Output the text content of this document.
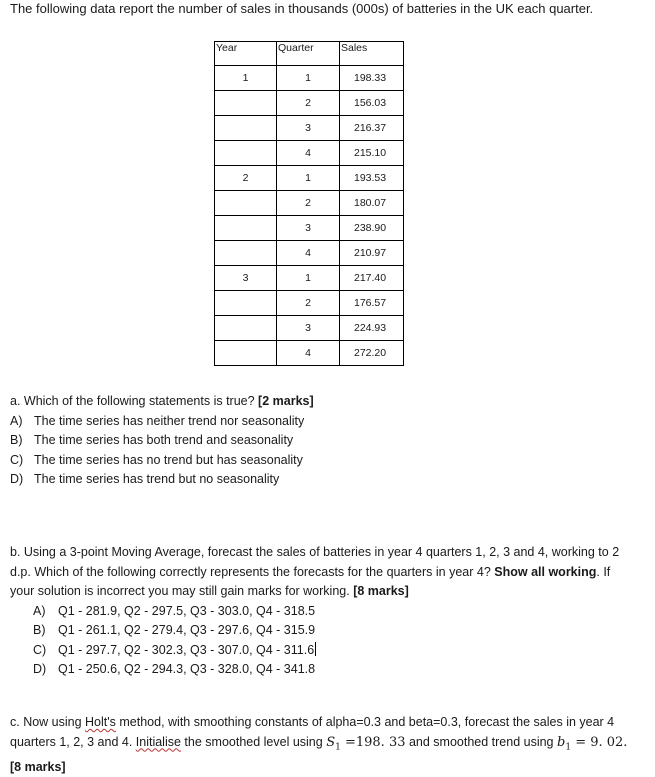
The following data report the number of sales in thousands (000s) of batteries in the UK each quarter.
Year	Quarter	Sales
1	1	198.33
	2	156.03
	3	216.37
	4	215.10
2	1	193.53
	2	180.07
	3	238.90
	4	210.97
3	1	217.40
	2	176.57
	3	224.93
	4	272.20

a. Which of the following statements is true? [2 marks]

A) The time series has neither trend nor seasonality
B) The time series has both trend and seasonality
C) The time series has no trend but has seasonality
D) The time series has trend but no seasonality

b. Using a 3-point Moving Average, forecast the sales of batteries in year 4 quarters 1, 2, 3 and 4, working to 2 d.p. Which of the following correctly represents the forecasts for the quarters in year 4? Show all working. If your solution is incorrect you may still gain marks for working. [8 marks]

A) Q1 - 281.9, Q2 - 297.5, Q3 - 303.0, Q4 - 318.5
B) Q1 - 261.1, Q2 - 279.4, Q3 - 297.6, Q4 - 315.9
C) Q1 - 297.7, Q2 - 302.3, Q3 - 307.0, Q4 - 311.6
D) Q1 - 250.6, Q2 - 294.3, Q3 - 328.0, Q4 - 341.8

c. Now using Holt's method, with smoothing constants of alpha=0.3 and beta=0.3, forecast the sales in year 4 quarters 1, 2, 3 and 4. Initialise the smoothed level using $S_1 =198$. 33 and smoothed trend using $b_1 = 9$. 02. [8 marks]
